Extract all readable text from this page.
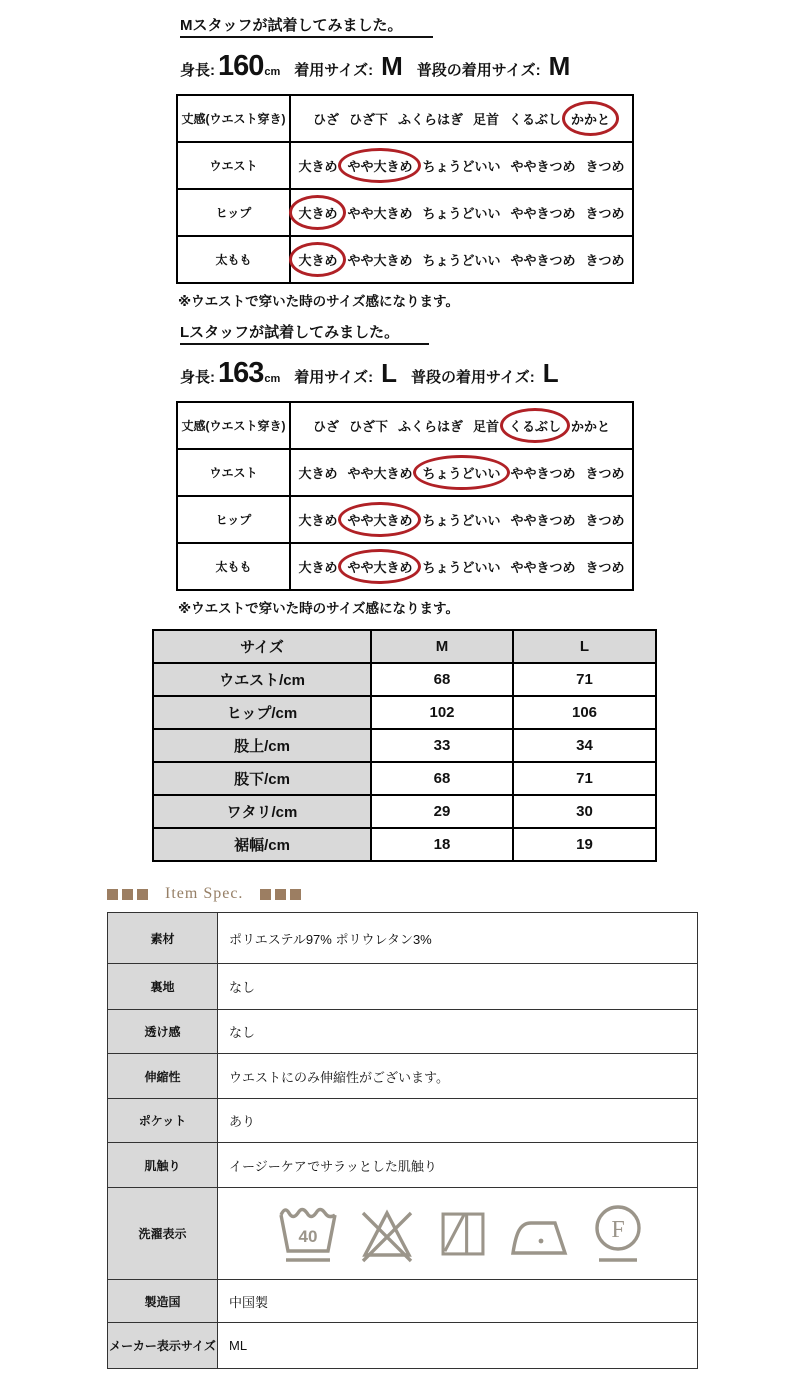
Mスタッフが試着してみました。
身長: 160 cm 着用サイズ: M 普段の着用サイズ: M
丈感(ウエスト穿き)	ひざ ひざ下 ふくらはぎ 足首 くるぶし かかと

ウエスト	大きめ やや大きめ ちょうどいい ややきつめ きつめ

ヒップ	大きめ やや大きめ ちょうどいい ややきつめ きつめ

太もも	大きめ やや大きめ ちょうどいい ややきつめ きつめ
※ウエストで穿いた時のサイズ感になります。
Lスタッフが試着してみました。
身長: 163 cm 着用サイズ: L 普段の着用サイズ: L
丈感(ウエスト穿き)	ひざ ひざ下 ふくらはぎ 足首 くるぶし かかと

ウエスト	大きめ やや大きめ ちょうどいい ややきつめ きつめ

ヒップ	大きめ やや大きめ ちょうどいい ややきつめ きつめ

太もも	大きめ やや大きめ ちょうどいい ややきつめ きつめ
※ウエストで穿いた時のサイズ感になります。
サイズ	M	L
ウエスト/cm	68	71
ヒップ/cm	102	106
股上/cm	33	34
股下/cm	68	71
ワタリ/cm	29	30
裾幅/cm	18	19
Item Spec.
素材	ポリエステル97% ポリウレタン3%
裏地	なし
透け感	なし
伸縮性	ウエストにのみ伸縮性がございます。
ポケット	あり
肌触り	イージーケアでサラッとした肌触り
洗濯表示	40 F

製造国	中国製
メーカー表示サイズ	ML
